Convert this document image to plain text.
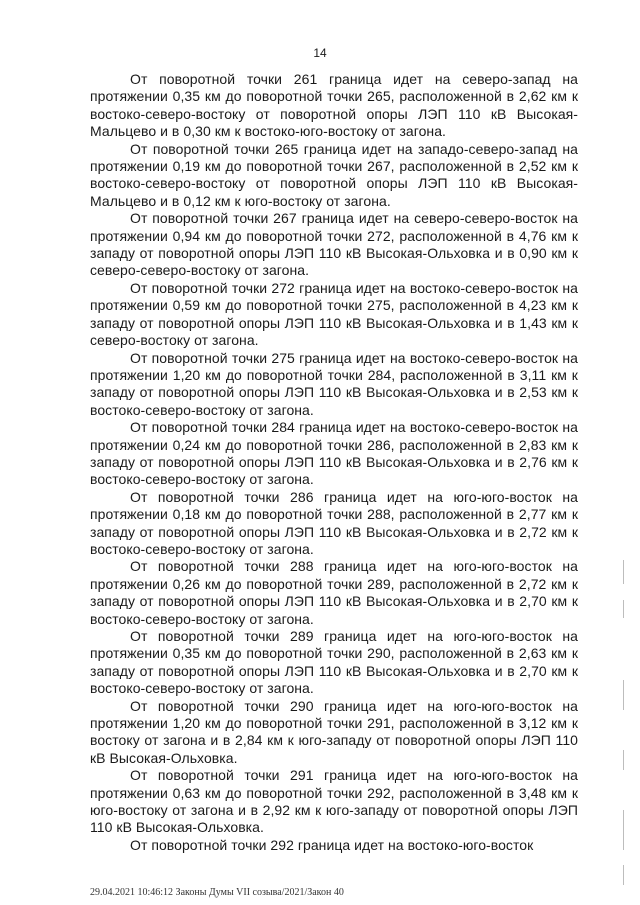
14

От поворотной точки 261 граница идет на северо-запад на протяжении 0,35 км до поворотной точки 265, расположенной в 2,62 км к востоко-северо-востоку от поворотной опоры ЛЭП 110 кВ Высокая-Мальцево и в 0,30 км к востоко-юго-востоку от загона.

От поворотной точки 265 граница идет на западо-северо-запад на протяжении 0,19 км до поворотной точки 267, расположенной в 2,52 км к востоко-северо-востоку от поворотной опоры ЛЭП 110 кВ Высокая-Мальцево и в 0,12 км к юго-востоку от загона.

От поворотной точки 267 граница идет на северо-северо-восток на протяжении 0,94 км до поворотной точки 272, расположенной в 4,76 км к западу от поворотной опоры ЛЭП 110 кВ Высокая-Ольховка и в 0,90 км к северо-северо-востоку от загона.

От поворотной точки 272 граница идет на востоко-северо-восток на протяжении 0,59 км до поворотной точки 275, расположенной в 4,23 км к западу от поворотной опоры ЛЭП 110 кВ Высокая-Ольховка и в 1,43 км к северо-востоку от загона.

От поворотной точки 275 граница идет на востоко-северо-восток на протяжении 1,20 км до поворотной точки 284, расположенной в 3,11 км к западу от поворотной опоры ЛЭП 110 кВ Высокая-Ольховка и в 2,53 км к востоко-северо-востоку от загона.

От поворотной точки 284 граница идет на востоко-северо-восток на протяжении 0,24 км до поворотной точки 286, расположенной в 2,83 км к западу от поворотной опоры ЛЭП 110 кВ Высокая-Ольховка и в 2,76 км к востоко-северо-востоку от загона.

От поворотной точки 286 граница идет на юго-юго-восток на протяжении 0,18 км до поворотной точки 288, расположенной в 2,77 км к западу от поворотной опоры ЛЭП 110 кВ Высокая-Ольховка и в 2,72 км к востоко-северо-востоку от загона.

От поворотной точки 288 граница идет на юго-юго-восток на протяжении 0,26 км до поворотной точки 289, расположенной в 2,72 км к западу от поворотной опоры ЛЭП 110 кВ Высокая-Ольховка и в 2,70 км к востоко-северо-востоку от загона.

От поворотной точки 289 граница идет на юго-юго-восток на протяжении 0,35 км до поворотной точки 290, расположенной в 2,63 км к западу от поворотной опоры ЛЭП 110 кВ Высокая-Ольховка и в 2,70 км к востоко-северо-востоку от загона.

От поворотной точки 290 граница идет на юго-юго-восток на протяжении 1,20 км до поворотной точки 291, расположенной в 3,12 км к востоку от загона и в 2,84 км к юго-западу от поворотной опоры ЛЭП 110 кВ Высокая-Ольховка.

От поворотной точки 291 граница идет на юго-юго-восток на протяжении 0,63 км до поворотной точки 292, расположенной в 3,48 км к юго-востоку от загона и в 2,92 км к юго-западу от поворотной опоры ЛЭП 110 кВ Высокая-Ольховка.

От поворотной точки 292 граница идет на востоко-юго-восток

29.04.2021 10:46:12 Законы Думы VII созыва/2021/Закон 40
